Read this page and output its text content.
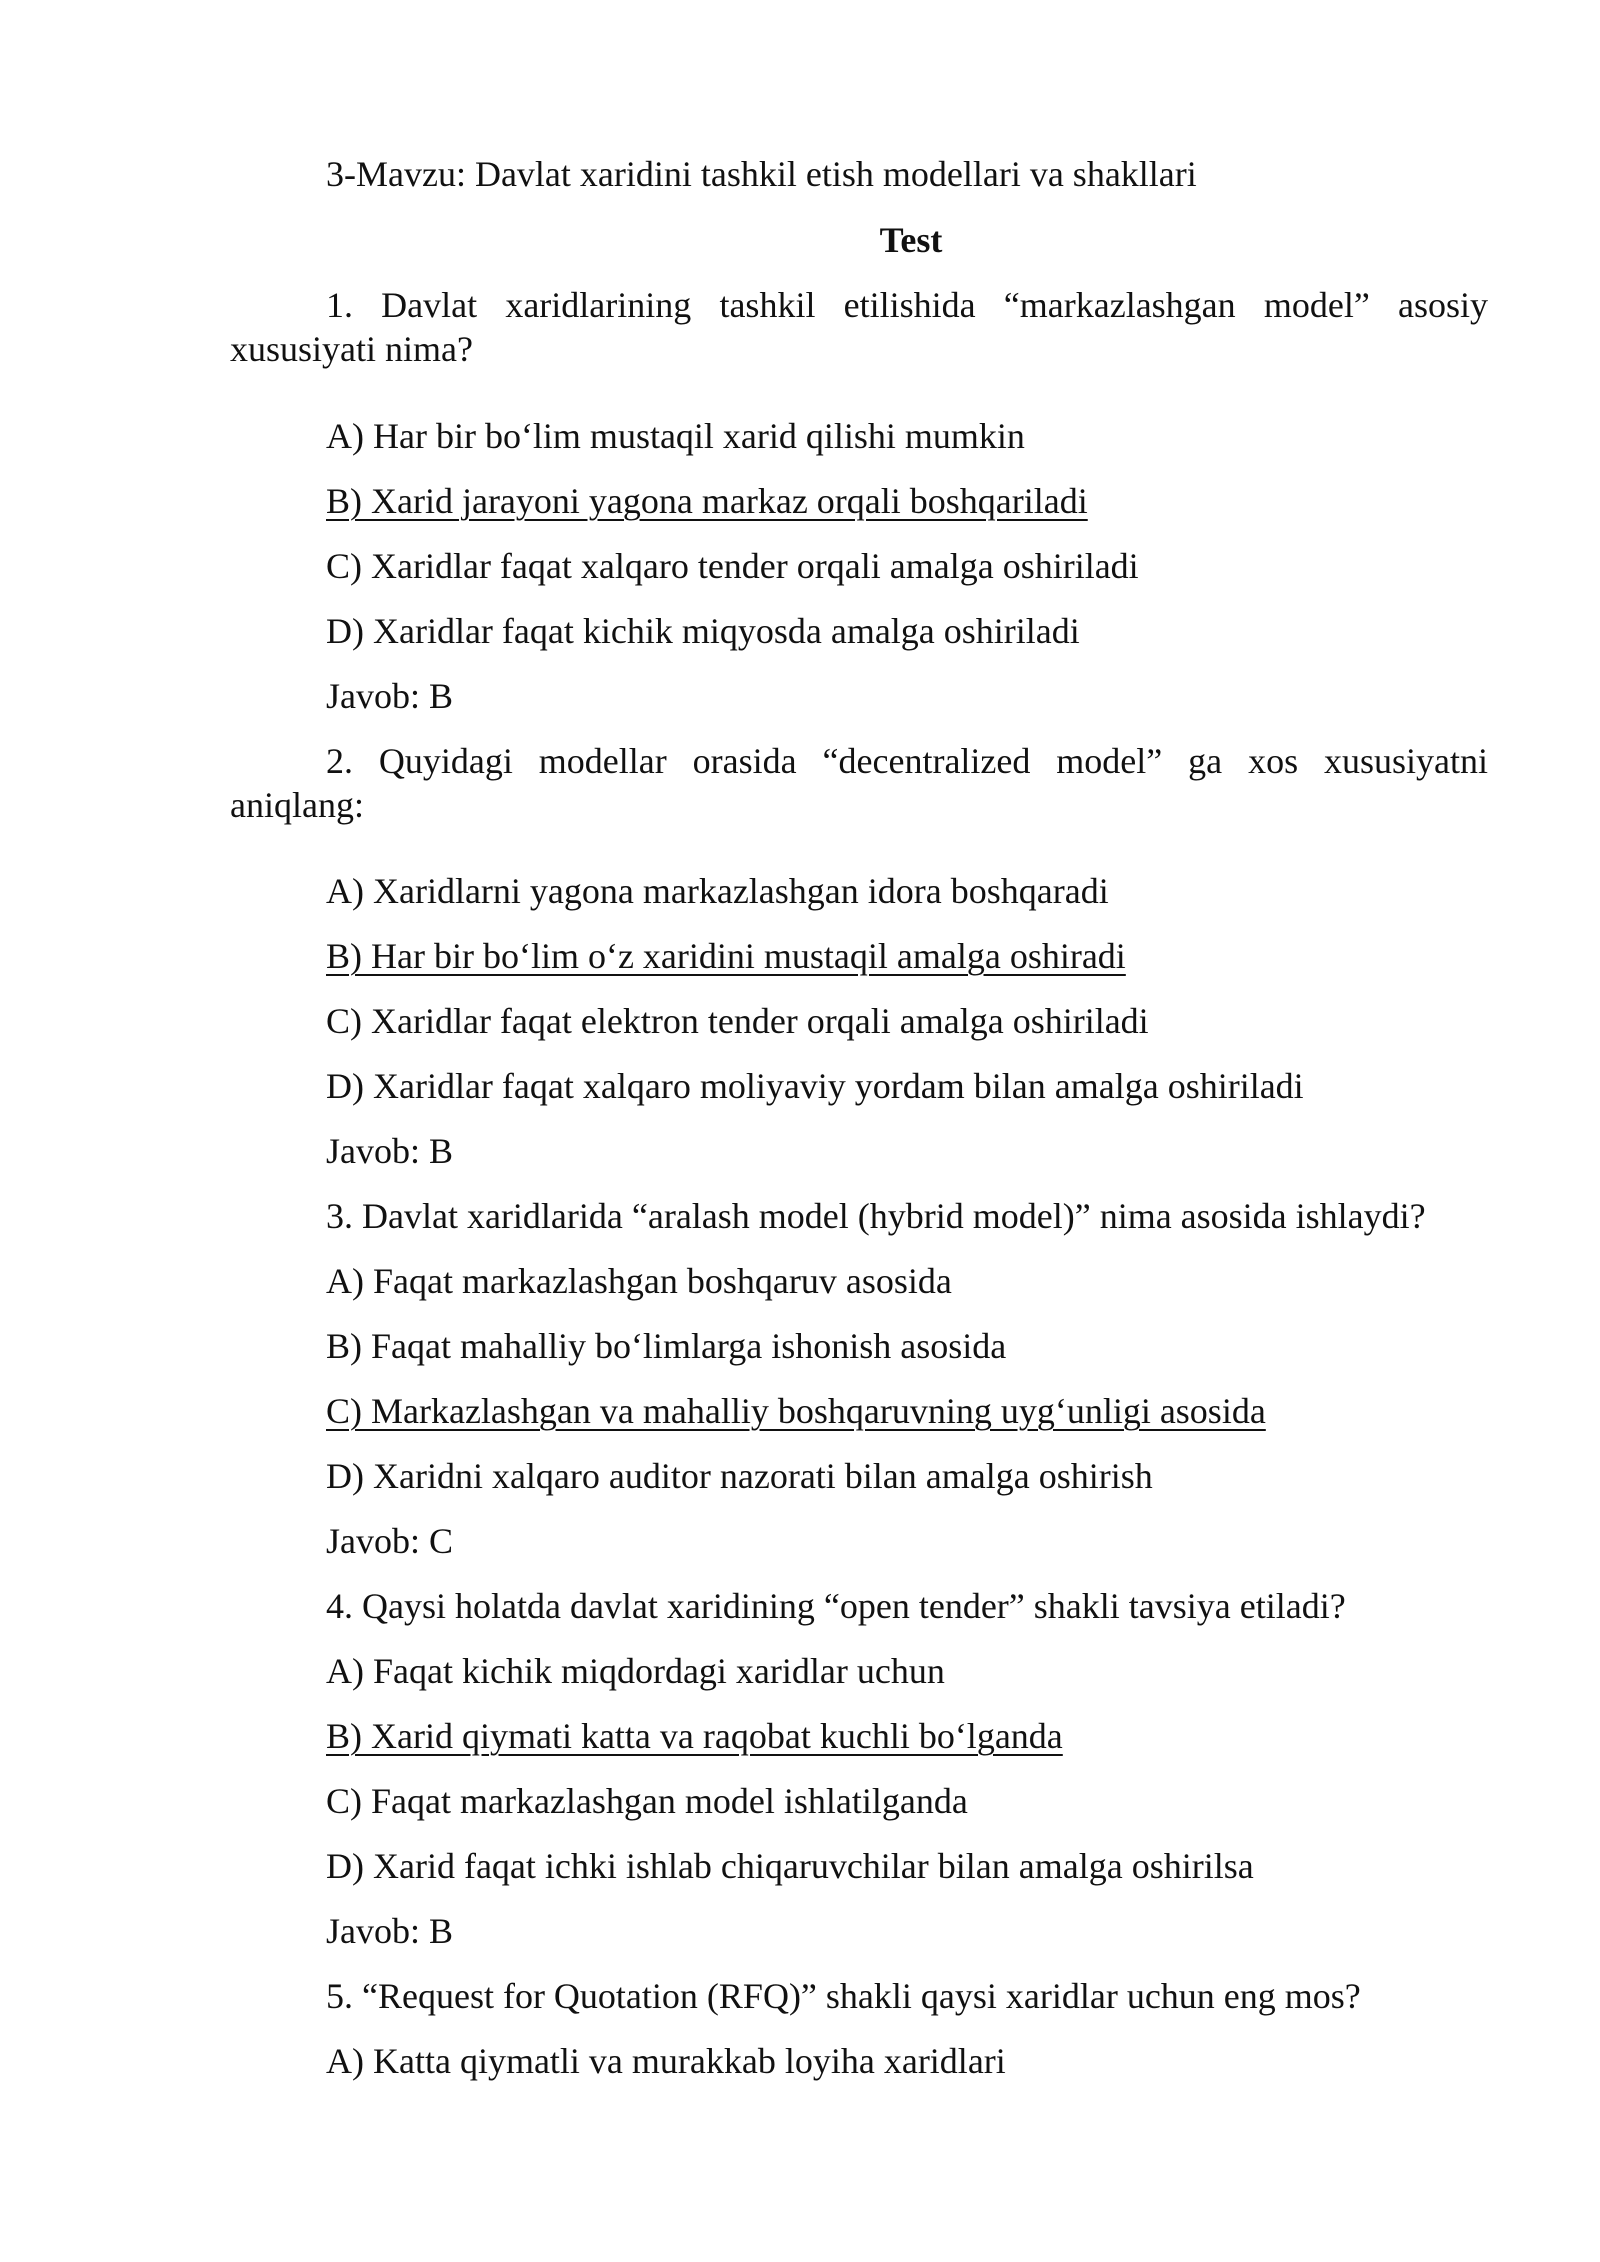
3-Mavzu: Davlat xaridini tashkil etish modellari va shakllari
Test
1. Davlat xaridlarining tashkil etilishida “markazlashgan model” asosiy xususiyati nima?
A) Har bir bo‘lim mustaqil xarid qilishi mumkin
B) Xarid jarayoni yagona markaz orqali boshqariladi
C) Xaridlar faqat xalqaro tender orqali amalga oshiriladi
D) Xaridlar faqat kichik miqyosda amalga oshiriladi
Javob: B
2. Quyidagi modellar orasida “decentralized model” ga xos xususiyatni aniqlang:
A) Xaridlarni yagona markazlashgan idora boshqaradi
B) Har bir bo‘lim o‘z xaridini mustaqil amalga oshiradi
C) Xaridlar faqat elektron tender orqali amalga oshiriladi
D) Xaridlar faqat xalqaro moliyaviy yordam bilan amalga oshiriladi
Javob: B
3. Davlat xaridlarida “aralash model (hybrid model)” nima asosida ishlaydi?
A) Faqat markazlashgan boshqaruv asosida
B) Faqat mahalliy bo‘limlarga ishonish asosida
C) Markazlashgan va mahalliy boshqaruvning uyg‘unligi asosida
D) Xaridni xalqaro auditor nazorati bilan amalga oshirish
Javob: C
4. Qaysi holatda davlat xaridining “open tender” shakli tavsiya etiladi?
A) Faqat kichik miqdordagi xaridlar uchun
B) Xarid qiymati katta va raqobat kuchli bo‘lganda
C) Faqat markazlashgan model ishlatilganda
D) Xarid faqat ichki ishlab chiqaruvchilar bilan amalga oshirilsa
Javob: B
5. “Request for Quotation (RFQ)” shakli qaysi xaridlar uchun eng mos?
A) Katta qiymatli va murakkab loyiha xaridlari
